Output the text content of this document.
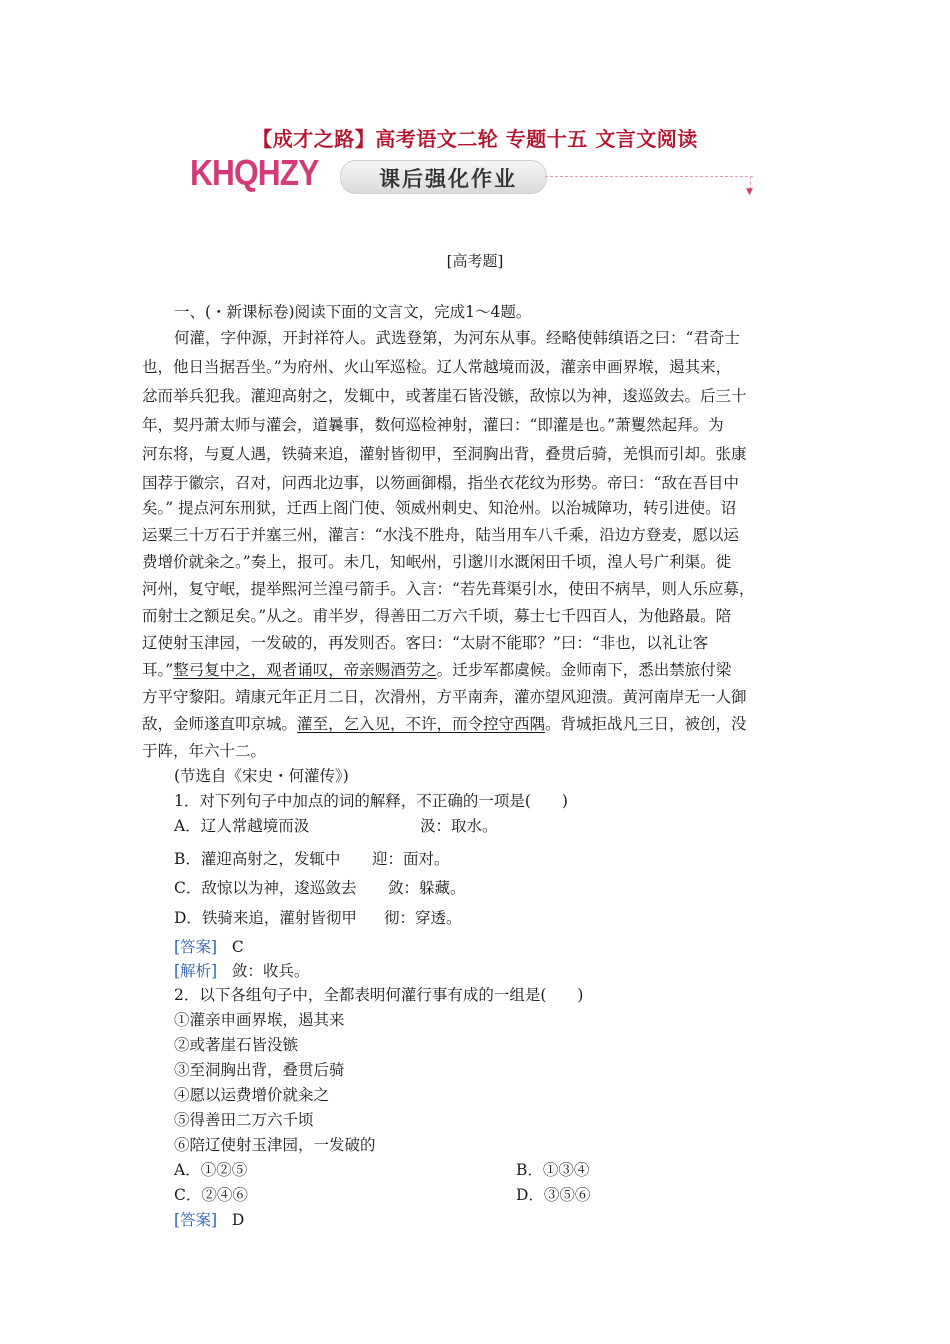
【成才之路】高考语文二轮 专题十五 文言文阅读
KHQHZY	课后强化作业
▼
[高考题]
一、(・新课标卷)阅读下面的文言文，完成1～4题。
何灌，字仲源，开封祥符人。武选登第，为河东从事。经略使韩缜语之曰：“君奇士
也，他日当据吾坐。”为府州、火山军巡检。辽人常越境而汲，灌亲申画界堠，遏其来，
忿而举兵犯我。灌迎高射之，发辄中，或著崖石皆没镞，敌惊以为神，逡巡敛去。后三十
年，契丹萧太师与灌会，道曩事，数何巡检神射，灌曰：“即灌是也。”萧矍然起拜。为
河东将，与夏人遇，铁骑来追，灌射皆彻甲，至洞胸出背，叠贯后骑，羌惧而引却。张康
国荐于徽宗，召对，问西北边事，以笏画御榻，指坐衣花纹为形势。帝曰：“敌在吾目中
矣。” 提点河东刑狱，迁西上阁门使、领威州刺史、知沧州。以治城障功，转引进使。诏
运粟三十万石于并塞三州，灌言：“水浅不胜舟，陆当用车八千乘，沿边方登麦，愿以运
费增价就籴之。”奏上，报可。未几，知岷州，引邈川水溉闲田千顷，湟人号广利渠。徙
河州，复守岷，提举熙河兰湟弓箭手。入言：“若先葺渠引水，使田不病旱，则人乐应募，
而射士之额足矣。”从之。甫半岁，得善田二万六千顷，募士七千四百人，为他路最。陪
辽使射玉津园，一发破的，再发则否。客曰：“太尉不能耶？”曰：“非也，以礼让客
耳。”整弓复中之，观者诵叹，帝亲赐酒劳之。迁步军都虞候。金师南下，悉出禁旅付梁
方平守黎阳。靖康元年正月二日，次滑州，方平南奔，灌亦望风迎溃。黄河南岸无一人御
敌，金师遂直叩京城。灌至，乞入见，不许，而令控守西隅。背城拒战凡三日，被创，没
于阵，年六十二。
(节选自《宋史・何灌传》)
1．对下列句子中加点的词的解释，不正确的一项是(　　)
A．辽人常越境而汲	汲：取水。
B．灌迎高射之，发辄中 迎：面对。
C．敌惊以为神，逡巡敛去 敛：躲藏。
D．铁骑来追，灌射皆彻甲 彻：穿透。
[答案] C
[解析] 敛：收兵。
2．以下各组句子中，全都表明何灌行事有成的一组是(　　)
①灌亲申画界堠，遏其来
②或著崖石皆没镞
③至洞胸出背，叠贯后骑
④愿以运费增价就籴之
⑤得善田二万六千顷
⑥陪辽使射玉津园，一发破的
A．①②⑤	B．①③④
C．②④⑥	D．③⑤⑥
[答案] D
